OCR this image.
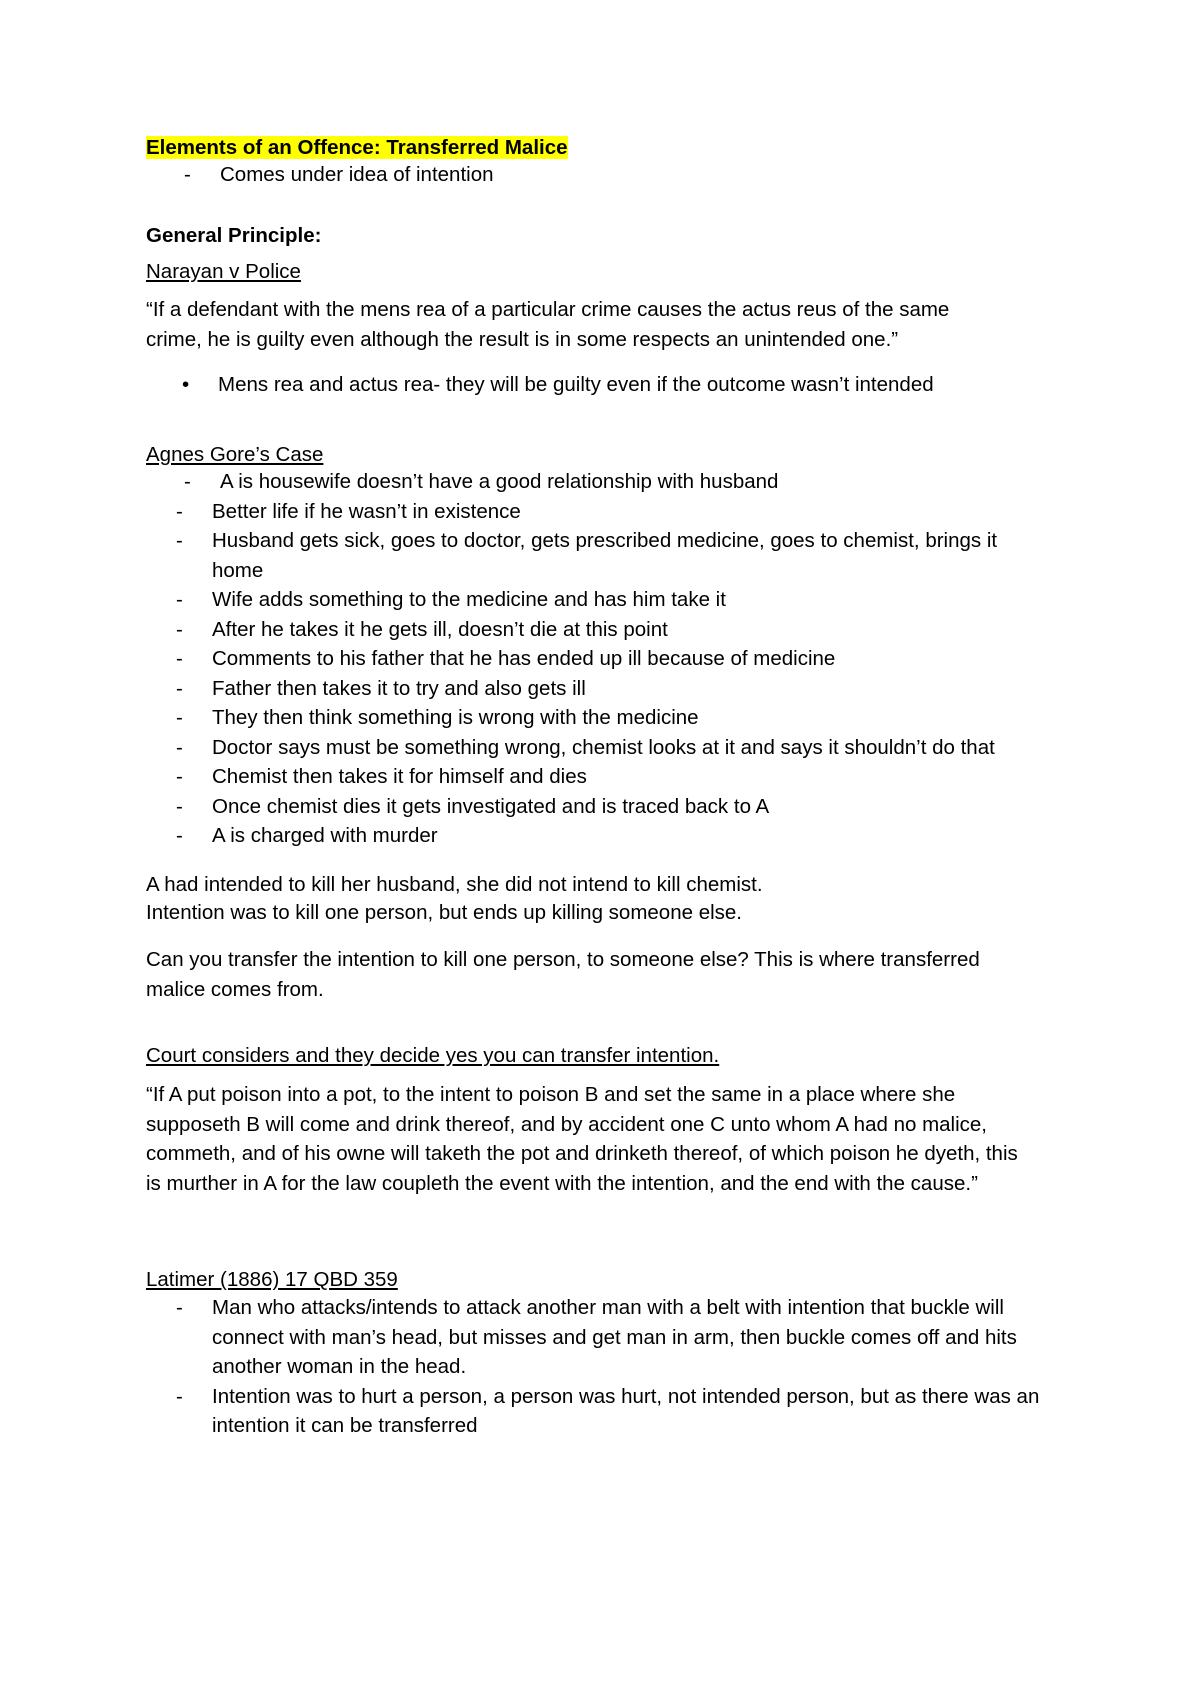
Elements of an Offence: Transferred Malice
- Comes under idea of intention
General Principle:
Narayan v Police
“If a defendant with the mens rea of a particular crime causes the actus reus of the same crime, he is guilty even although the result is in some respects an unintended one.”
• Mens rea and actus rea- they will be guilty even if the outcome wasn’t intended
Agnes Gore’s Case
- A is housewife doesn’t have a good relationship with husband
- Better life if he wasn’t in existence
- Husband gets sick, goes to doctor, gets prescribed medicine, goes to chemist, brings it home
- Wife adds something to the medicine and has him take it
- After he takes it he gets ill, doesn’t die at this point
- Comments to his father that he has ended up ill because of medicine
- Father then takes it to try and also gets ill
- They then think something is wrong with the medicine
- Doctor says must be something wrong, chemist looks at it and says it shouldn’t do that
- Chemist then takes it for himself and dies
- Once chemist dies it gets investigated and is traced back to A
- A is charged with murder
A had intended to kill her husband, she did not intend to kill chemist.
Intention was to kill one person, but ends up killing someone else.
Can you transfer the intention to kill one person, to someone else? This is where transferred malice comes from.
Court considers and they decide yes you can transfer intention.
“If A put poison into a pot, to the intent to poison B and set the same in a place where she supposeth B will come and drink thereof, and by accident one C unto whom A had no malice, commeth, and of his owne will taketh the pot and drinketh thereof, of which poison he dyeth, this is murther in A for the law coupleth the event with the intention, and the end with the cause.”
Latimer (1886) 17 QBD 359
- Man who attacks/intends to attack another man with a belt with intention that buckle will connect with man’s head, but misses and get man in arm, then buckle comes off and hits another woman in the head.
- Intention was to hurt a person, a person was hurt, not intended person, but as there was an intention it can be transferred
